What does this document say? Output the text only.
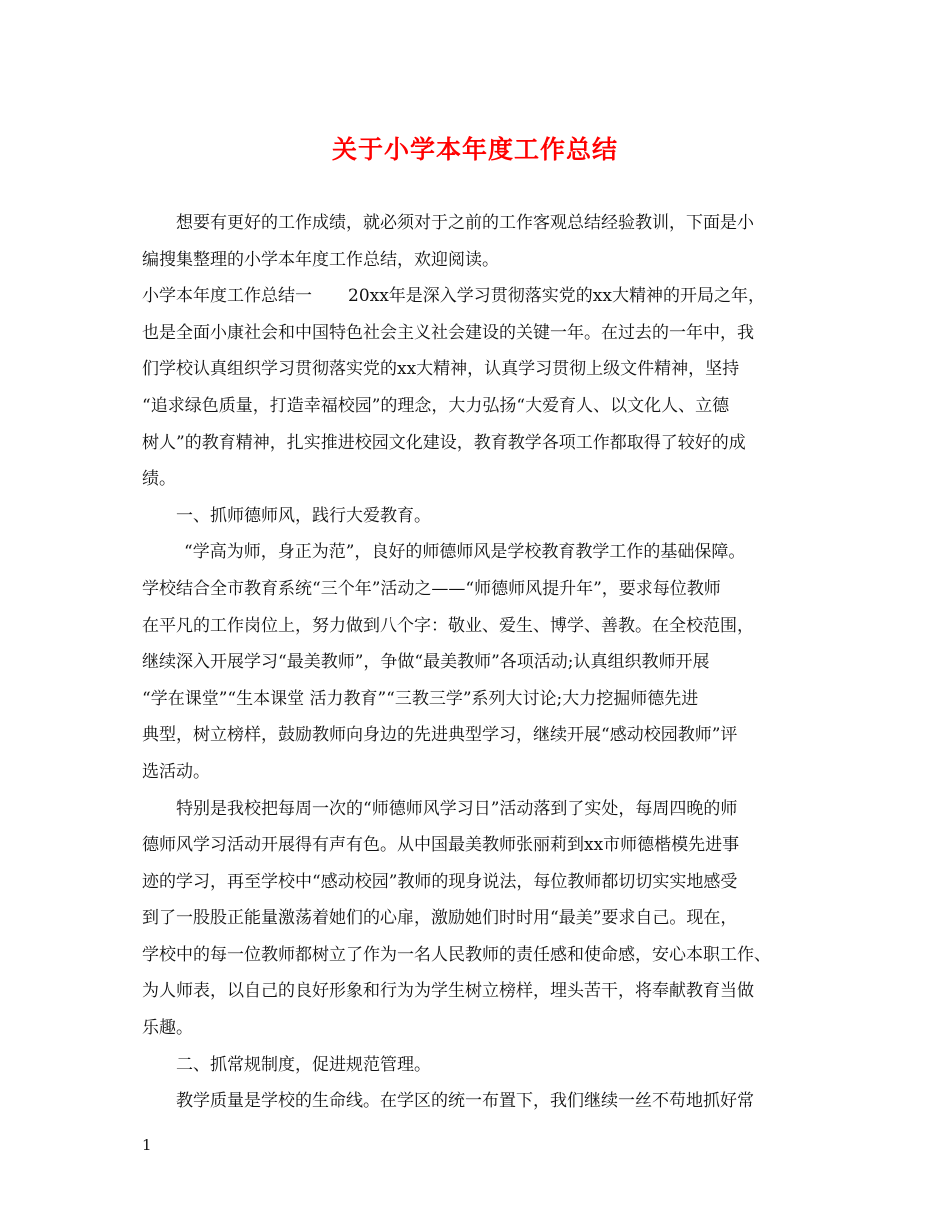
关于小学本年度工作总结

想要有更好的工作成绩，就必须对于之前的工作客观总结经验教训，下面是小

编搜集整理的小学本年度工作总结，欢迎阅读。

小学本年度工作总结一 20xx年是深入学习贯彻落实党的xx大精神的开局之年，

也是全面小康社会和中国特色社会主义社会建设的关键一年。在过去的一年中，我

们学校认真组织学习贯彻落实党的xx大精神，认真学习贯彻上级文件精神，坚持

“追求绿色质量，打造幸福校园”的理念，大力弘扬“大爱育人、以文化人、立德

树人”的教育精神，扎实推进校园文化建设，教育教学各项工作都取得了较好的成

绩。

一、抓师德师风，践行大爱教育。

“学高为师，身正为范”，良好的师德师风是学校教育教学工作的基础保障。

学校结合全市教育系统“三个年”活动之——“师德师风提升年”，要求每位教师

在平凡的工作岗位上，努力做到八个字：敬业、爱生、博学、善教。在全校范围，

继续深入开展学习“最美教师”，争做“最美教师”各项活动;认真组织教师开展

“学在课堂”“生本课堂 活力教育”“三教三学”系列大讨论;大力挖掘师德先进

典型，树立榜样，鼓励教师向身边的先进典型学习，继续开展“感动校园教师”评

选活动。

特别是我校把每周一次的“师德师风学习日”活动落到了实处，每周四晚的师

德师风学习活动开展得有声有色。从中国最美教师张丽莉到xx市师德楷模先进事

迹的学习，再至学校中“感动校园”教师的现身说法，每位教师都切切实实地感受

到了一股股正能量激荡着她们的心扉，激励她们时时用“最美”要求自己。现在，

学校中的每一位教师都树立了作为一名人民教师的责任感和使命感，安心本职工作、

为人师表，以自己的良好形象和行为为学生树立榜样，埋头苦干，将奉献教育当做

乐趣。

二、抓常规制度，促进规范管理。

教学质量是学校的生命线。在学区的统一布置下，我们继续一丝不苟地抓好常

1
